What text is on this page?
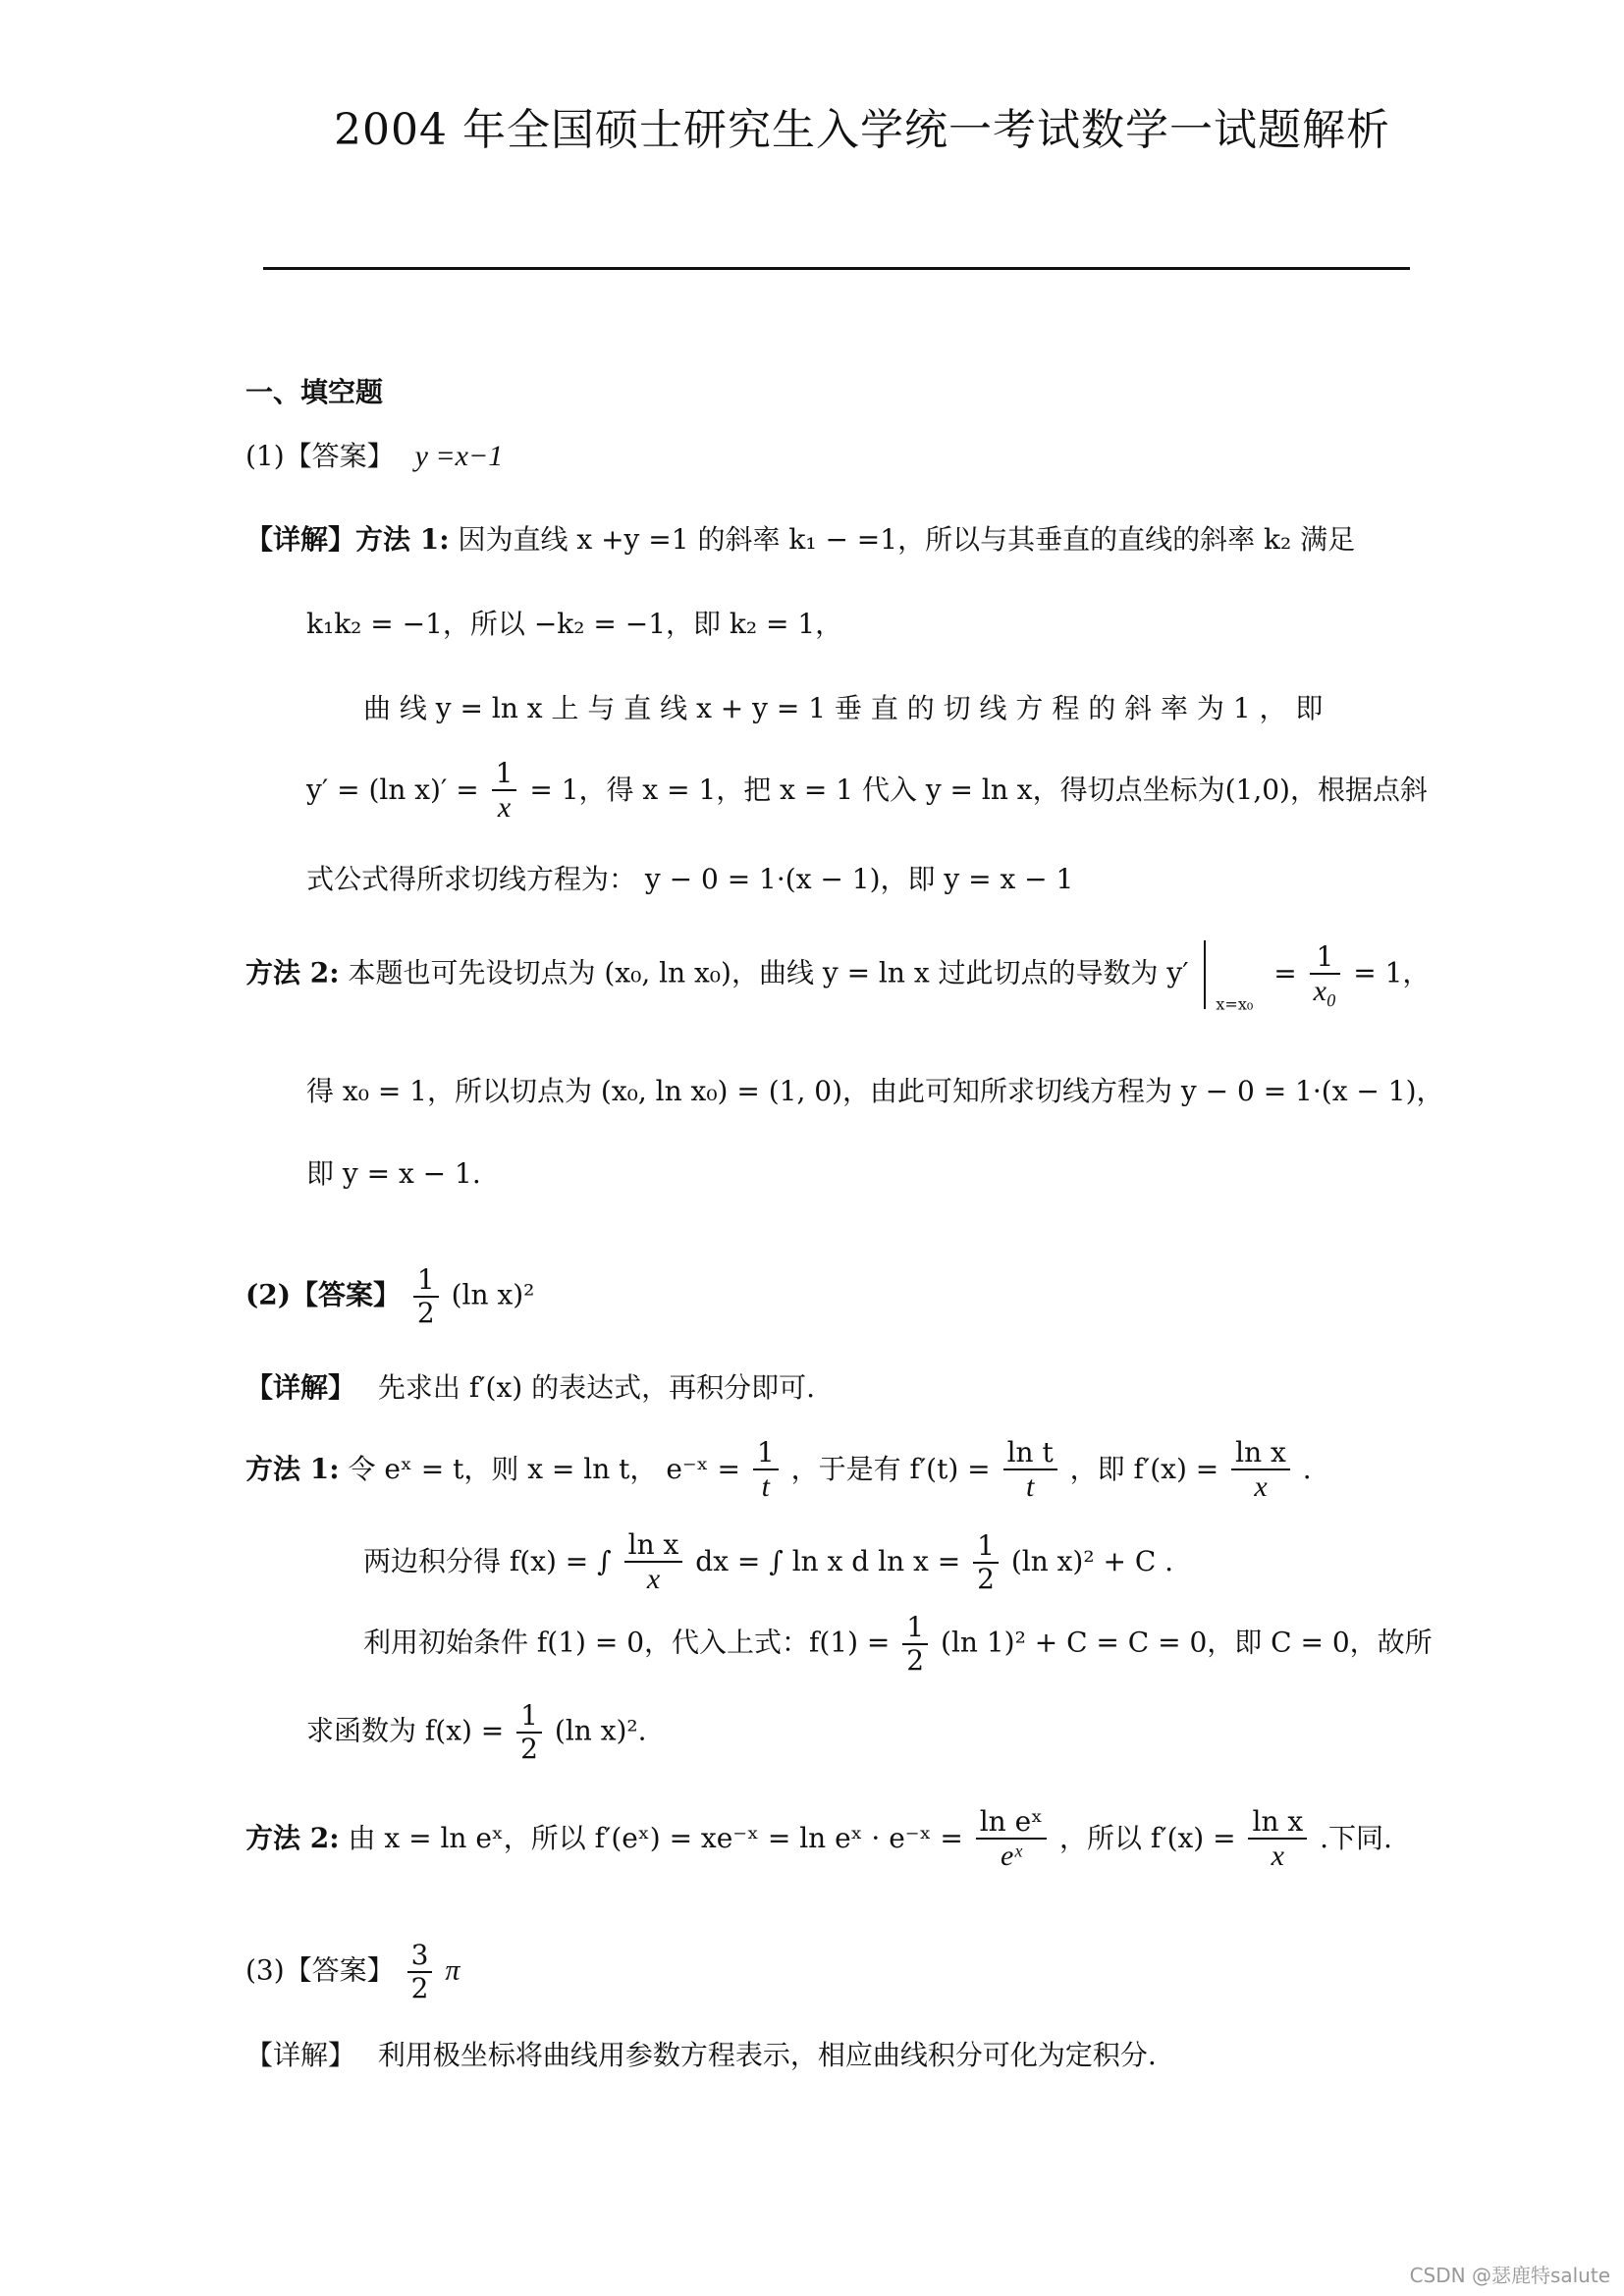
2004 年全国硕士研究生入学统一考试数学一试题解析
一、填空题
(1)【答案】 y =x−1
【详解】方法 1: 因为直线 x +y =1 的斜率 k₁ − =1，所以与其垂直的直线的斜率 k₂ 满足
k₁k₂ = −1，所以 −k₂ = −1，即 k₂ = 1，
曲 线 y = ln x 上 与 直 线 x + y = 1 垂 直 的 切 线 方 程 的 斜 率 为 1 ， 即
y′ = (ln $x)' = \frac{1}{x} = 1$，得 x = 1，把 x = 1 代入 y = ln x，得切点坐标为(1,0)，根据点斜
式公式得所求切线方程为： y − 0 = 1·(x − 1)，即 y = x − 1
方法 2: 本题也可先设切点为 (x₀, ln x₀)，曲线 y = ln x 过此切点的导数为 y′  $_{x=x_0} = \frac{1}{\text{x₀}} = 1$，
得 x₀ = 1，所以切点为 (x₀, ln x₀) = (1, 0)，由此可知所求切线方程为 y − 0 = 1·(x − 1)，
即 y = x − 1.
(2)【答案】 $\frac{1}{2} (\ln$ x)²
【详解】 先求出 f′(x) 的表达式，再积分即可.
方法 1: 令 eˣ = t，则 x = ln t， e⁻ˣ = $\frac{1}{t}$ ，于是有 $f'(t) = \frac{\text{ln t}}{t}$ ，即 $f'(x) = \frac{\text{ln x}}{x}$ .
两边积分得 f(x) = ∫ $\frac{\text{ln x}}{x}$ dx = ∫ ln x d $\ln x = \frac{1}{2} (\ln$ x)² + C .
利用初始条件 f(1) = 0，代入上式：$f(1) = \frac{1}{2} (\ln$ 1)² + C = C = 0，即 C = 0，故所
求函数为 $f(x) = \frac{1}{2} (\ln$ x)².
方法 2: 由 x = ln eˣ，所以 f′(eˣ) = xe⁻ˣ = ln eˣ · e⁻ˣ = $\frac{\text{ln eˣ}}{\text{eˣ}}$ ，所以 $f'(x) = \frac{\text{ln x}}{x}$ .下同.
(3)【答案】 $\frac{3}{2}$ π
【详解】 利用极坐标将曲线用参数方程表示，相应曲线积分可化为定积分.
CSDN @瑟鹿特salute
